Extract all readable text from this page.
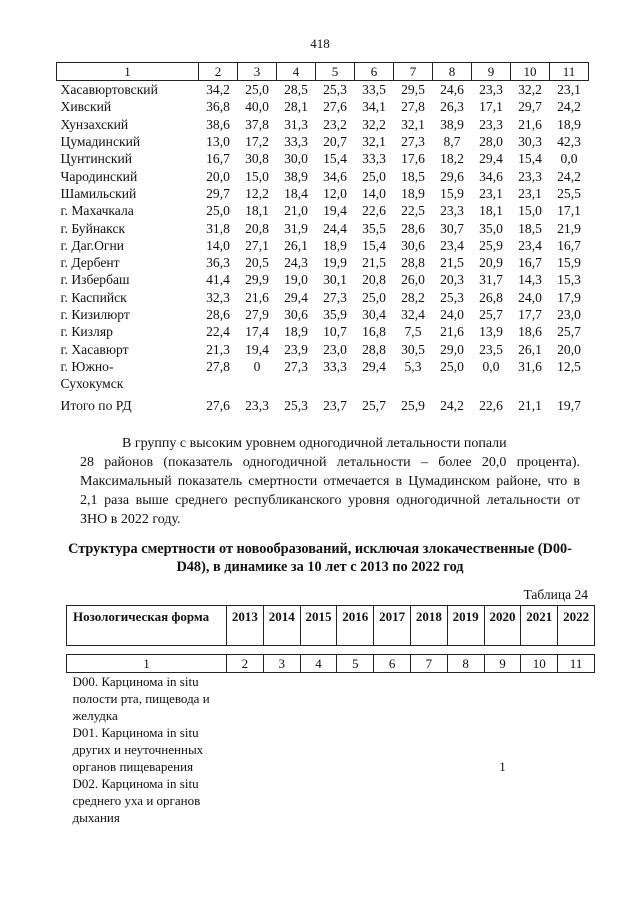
418
1	2	3	4	5	6	7	8	9	10	11
Хасавюртовский	34,2	25,0	28,5	25,3	33,5	29,5	24,6	23,3	32,2	23,1
Хивский	36,8	40,0	28,1	27,6	34,1	27,8	26,3	17,1	29,7	24,2
Хунзахский	38,6	37,8	31,3	23,2	32,2	32,1	38,9	23,3	21,6	18,9
Цумадинский	13,0	17,2	33,3	20,7	32,1	27,3	8,7	28,0	30,3	42,3
Цунтинский	16,7	30,8	30,0	15,4	33,3	17,6	18,2	29,4	15,4	0,0
Чародинский	20,0	15,0	38,9	34,6	25,0	18,5	29,6	34,6	23,3	24,2
Шамильский	29,7	12,2	18,4	12,0	14,0	18,9	15,9	23,1	23,1	25,5
г. Махачкала	25,0	18,1	21,0	19,4	22,6	22,5	23,3	18,1	15,0	17,1
г. Буйнакск	31,8	20,8	31,9	24,4	35,5	28,6	30,7	35,0	18,5	21,9
г. Даг.Огни	14,0	27,1	26,1	18,9	15,4	30,6	23,4	25,9	23,4	16,7
г. Дербент	36,3	20,5	24,3	19,9	21,5	28,8	21,5	20,9	16,7	15,9
г. Избербаш	41,4	29,9	19,0	30,1	20,8	26,0	20,3	31,7	14,3	15,3
г. Каспийск	32,3	21,6	29,4	27,3	25,0	28,2	25,3	26,8	24,0	17,9
г. Кизилюрт	28,6	27,9	30,6	35,9	30,4	32,4	24,0	25,7	17,7	23,0
г. Кизляр	22,4	17,4	18,9	10,7	16,8	7,5	21,6	13,9	18,6	25,7
г. Хасавюрт	21,3	19,4	23,9	23,0	28,8	30,5	29,0	23,5	26,1	20,0
г. Южно-
Сухокумск	27,8	0	27,3	33,3	29,4	5,3	25,0	0,0	31,6	12,5
Итого по РД	27,6	23,3	25,3	23,7	25,7	25,9	24,2	22,6	21,1	19,7

В группу с высоким уровнем одногодичной летальности попали

28 районов (показатель одногодичной летальности – более 20,0 процента). Максимальный показатель смертности отмечается в Цумадинском районе, что в 2,1 раза выше среднего республиканского уровня одногодичной летальности от ЗНО в 2022 году.

Структура смертности от новообразований, исключая злокачественные (D00-D48), в динамике за 10 лет с 2013 по 2022 год
Таблица 24
Нозологическая форма	2013	2014	2015	2016	2017	2018	2019	2020	2021	2022

1	2	3	4	5	6	7	8	9	10	11
D00. Карцинома in situ полости рта, пищевода и желудка										
D01. Карцинома in situ других и неуточненных органов пищеварения								1		
D02. Карцинома in situ среднего уха и органов дыхания										
